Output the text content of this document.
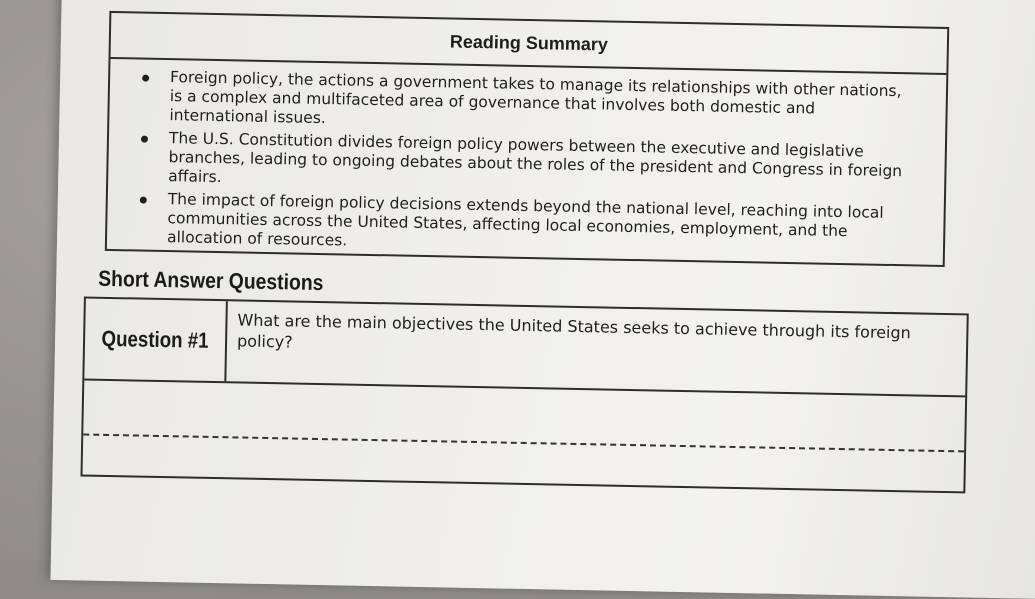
Reading Summary
Foreign policy, the actions a government takes to manage its relationships with other nations, is a complex and multifaceted area of governance that involves both domestic and international issues.
The U.S. Constitution divides foreign policy powers between the executive and legislative branches, leading to ongoing debates about the roles of the president and Congress in foreign affairs.
The impact of foreign policy decisions extends beyond the national level, reaching into local communities across the United States, affecting local economies, employment, and the allocation of resources.
Short Answer Questions
Question #1	What are the main objectives the United States seeks to achieve through its foreign policy?
